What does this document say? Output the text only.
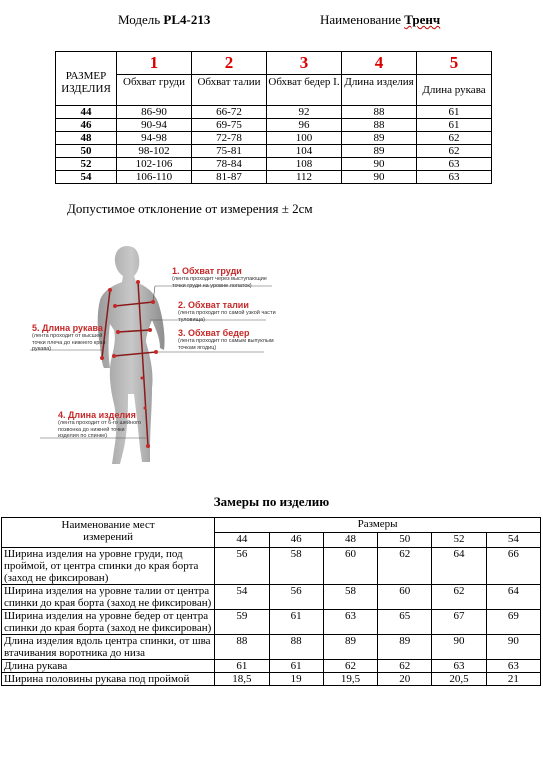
Модель PL4-213	Наименование Тренч
РАЗМЕР ИЗДЕЛИЯ	1	2	3	4	5
	Обхват груди	Обхват талии	Обхват бедер I.	Длина изделия	Длина рукава
44	86-90	66-72	92	88	61
46	90-94	69-75	96	88	61
48	94-98	72-78	100	89	62
50	98-102	75-81	104	89	62
52	102-106	78-84	108	90	63
54	106-110	81-87	112	90	63
Допустимое отклонение от измерения ± 2см
1. Обхват груди
(лента проходит через выступающие точки груди на уровне лопаток)
2. Обхват талии
(лента проходит по самой узкой части туловища)
3. Обхват бедер
(лента проходит по самым выпуклым точкам ягодиц)
5. Длина рукава
(лента проходит от высшей точки плеча до нижнего края рукава)
4. Длина изделия
(лента проходит от 6-го шейного позвонка до нижней точки изделия по спинке)
Замеры по изделию
Наименование мест измерений	Размеры					
	44	46	48	50	52	54
Ширина изделия на уровне груди, под проймой, от центра спинки до края борта (заход не фиксирован)	56	58	60	62	64	66
Ширина изделия на уровне талии от центра спинки до края борта (заход не фиксирован)	54	56	58	60	62	64
Ширина изделия на уровне бедер от центра спинки до края борта (заход не фиксирован)	59	61	63	65	67	69
Длина изделия вдоль центра спинки, от шва втачивания воротника до низа	88	88	89	89	90	90
Длина рукава	61	61	62	62	63	63
Ширина половины рукава под проймой	18,5	19	19,5	20	20,5	21
